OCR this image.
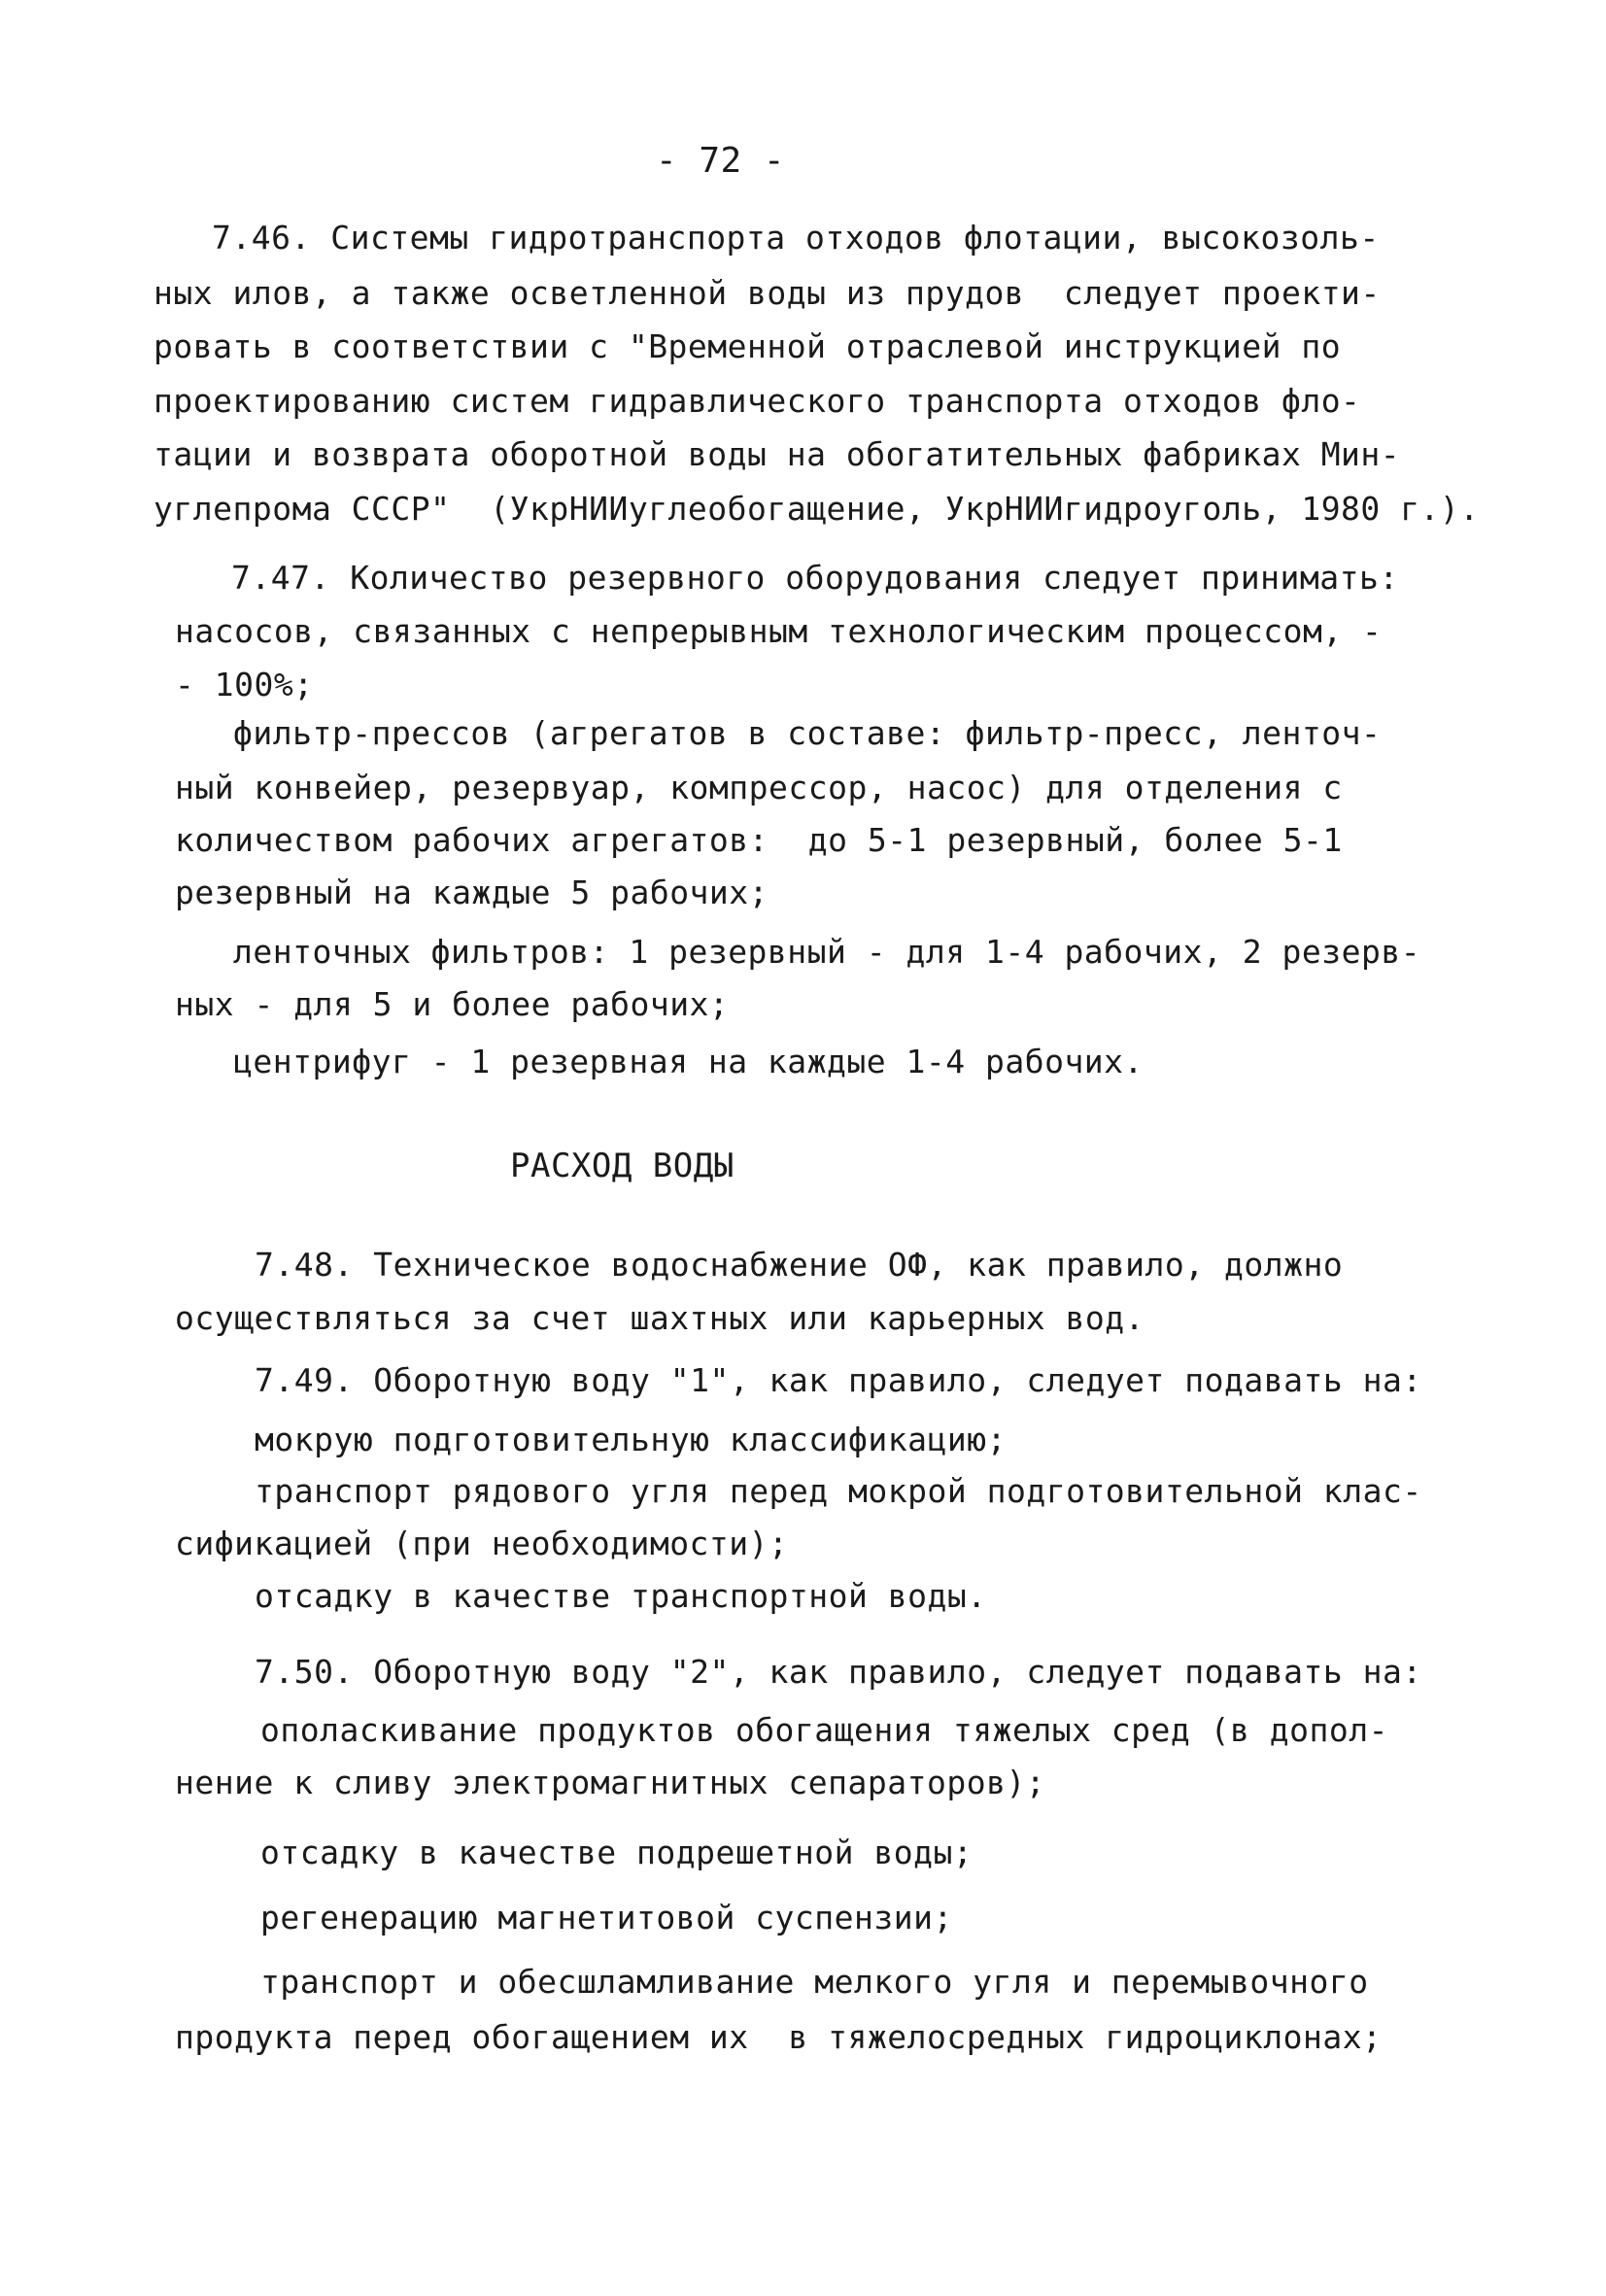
- 72 -
7.46. Системы гидротранспорта отходов флотации, высокозоль-
ных илов, а также осветленной воды из прудов  следует проекти-
ровать в соответствии с "Временной отраслевой инструкцией по
проектированию систем гидравлического транспорта отходов фло-
тации и возврата оборотной воды на обогатительных фабриках Мин-
углепрома СССР"  (УкрНИИуглеобогащение, УкрНИИгидроуголь, 1980 г.).
7.47. Количество резервного оборудования следует принимать:
насосов, связанных с непрерывным технологическим процессом, -
- 100%;
фильтр-прессов (агрегатов в составе: фильтр-пресс, ленточ-
ный конвейер, резервуар, компрессор, насос) для отделения с
количеством рабочих агрегатов:  до 5-1 резервный, более 5-1
резервный на каждые 5 рабочих;
ленточных фильтров: 1 резервный - для 1-4 рабочих, 2 резерв-
ных - для 5 и более рабочих;
центрифуг - 1 резервная на каждые 1-4 рабочих.
РАСХОД ВОДЫ
7.48. Техническое водоснабжение ОФ, как правило, должно
осуществляться за счет шахтных или карьерных вод.
7.49. Оборотную воду "1", как правило, следует подавать на:
мокрую подготовительную классификацию;
транспорт рядового угля перед мокрой подготовительной клас-
сификацией (при необходимости);
отсадку в качестве транспортной воды.
7.50. Оборотную воду "2", как правило, следует подавать на:
ополаскивание продуктов обогащения тяжелых сред (в допол-
нение к сливу электромагнитных сепараторов);
отсадку в качестве подрешетной воды;
регенерацию магнетитовой суспензии;
транспорт и обесшламливание мелкого угля и перемывочного
продукта перед обогащением их  в тяжелосредных гидроциклонах;
